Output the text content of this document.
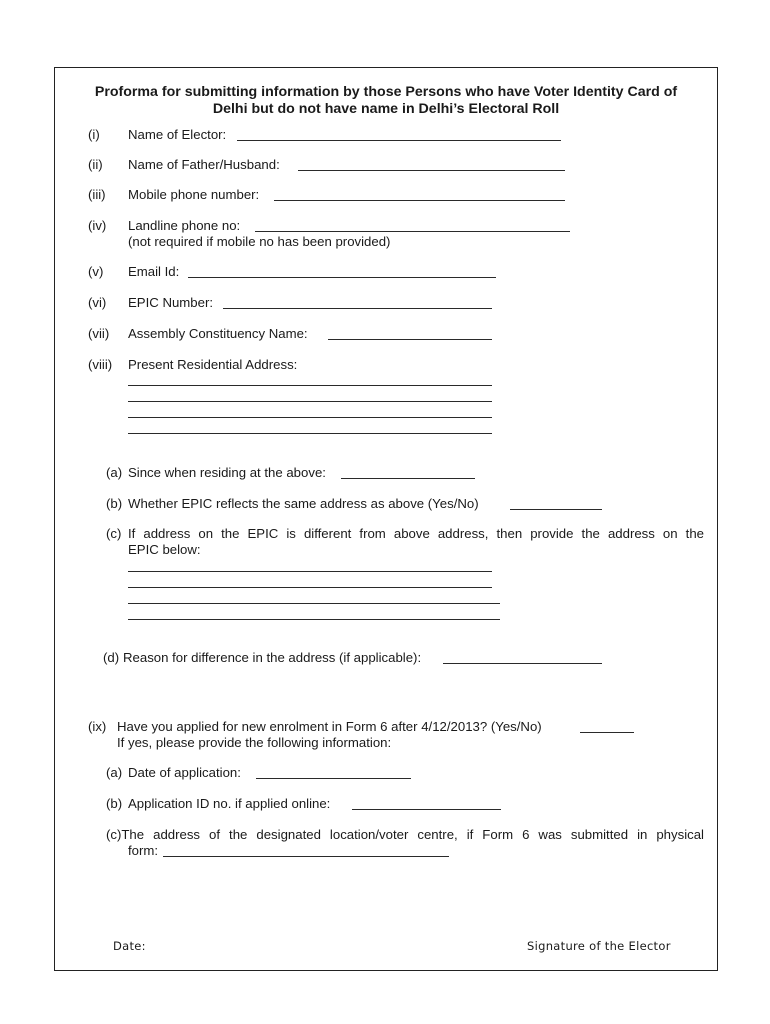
Proforma for submitting information by those Persons who have Voter Identity Card of
Delhi but do not have name in Delhi’s Electoral Roll
(i) Name of Elector:
(ii) Name of Father/Husband:
(iii) Mobile phone number:
(iv) Landline phone no:
(not required if mobile no has been provided)
(v) Email Id:
(vi) EPIC Number:
(vii) Assembly Constituency Name:
(viii) Present Residential Address:
(a) Since when residing at the above:
(b) Whether EPIC reflects the same address as above (Yes/No)
(c) If address on the EPIC is different from above address, then provide the address on the
EPIC below:
(d) Reason for difference in the address (if applicable):
(ix) Have you applied for new enrolment in Form 6 after 4/12/2013? (Yes/No)
If yes, please provide the following information:
(a) Date of application:
(b) Application ID no. if applied online:
(c)The address of the designated location/voter centre, if Form 6 was submitted in physical
form:
Date:	Signature of the Elector
